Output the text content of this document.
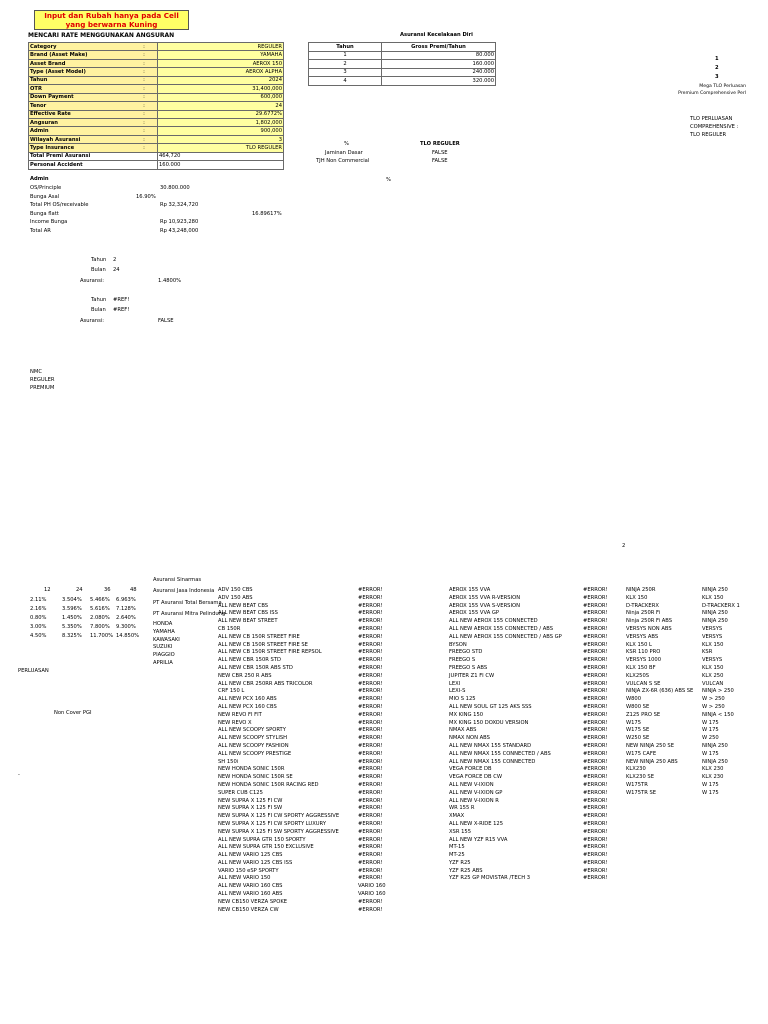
Input dan Rubah hanya pada Cell yang berwarna Kuning
MENCARI RATE MENGGUNAKAN ANGSURAN	Asuransi Kecelakaan Diri
Category	:	REGULER
Brand (Asset Make)	:	YAMAHA
Asset Brand	:	AEROX 150
Type (Asset Model)	:	AEROX ALPHA
Tahun	:	2024
OTR	:	31,400,000
Down Payment	:	600,000
Tenor	:	24
Effective Rate	:	29.6772%
Angsuran	:	1,802,000
Admin	:	900,000
Wilayah Asuransi	:	3
Type Insurance	:	TLO REGULER
Total Premi Asuransi		464,720
Personal Accident		160.000
Tahun	Gross Premi/Tahun
1	80.000
2	160.000
3	240.000
4	320.000
1
2
3
Mega TLO Perluasan
Premium Comprehensive Perl
TLO PERLUASAN
COMPREHENSIVE :
TLO REGULER
%	TLO REGULER
Jaminan Dasar	FALSE
TJH Non Commercial	FALSE
%
Admin
OS/Principle	30.800.000
Bunga Asal	16.90%
Total PH OS/receivable	Rp 32,324,720
Bunga flatt	16.89617%
Income Bunga	Rp 10,923,280
Total AR	Rp 43,248,000
Tahun 2
Bulan 24
Asuransi:	1.4800%
Tahun #REF!
Bulan #REF!
Asuransi:	FALSE
NMC
REGULER
PREMIUM
2
12	24	36	48
2.11%	3.504% 5.466% 6.963%
2.16%	3.596% 5.616% 7.128%
0.80%	1.450% 2.080% 2.640%
3.00%	5.350% 7.800% 9.300%
4.50%	8.325% 11.700% 14.850%
PERLUASAN
Non Cover PGI
-
Asuransi Sinarmas
Asuransi Jasa Indonesia
PT Asuransi Total Bersama
PT Asuransi Mitra Pelindung
HONDA
YAMAHA
KAWASAKI
SUZUKI
PIAGGIO
APRILIA
ADV 150 CBS	#ERROR!
ADV 150 ABS	#ERROR!
ALL NEW BEAT CBS	#ERROR!
ALL NEW BEAT CBS ISS	#ERROR!
ALL NEW BEAT STREET	#ERROR!
CB 150R	#ERROR!
ALL NEW CB 150R STREET FIRE	#ERROR!
ALL NEW CB 150R STREET FIRE SE	#ERROR!
ALL NEW CB 150R STREET FIRE REPSOL	#ERROR!
ALL NEW CBR 150R STD	#ERROR!
ALL NEW CBR 150R ABS STD	#ERROR!
NEW CBR 250 R ABS	#ERROR!
ALL NEW CBR 250RR ABS TRICOLOR	#ERROR!
CRF 150 L	#ERROR!
ALL NEW PCX 160 ABS	#ERROR!
ALL NEW PCX 160 CBS	#ERROR!
NEW REVO FI FIT	#ERROR!
NEW REVO X	#ERROR!
ALL NEW SCOOPY SPORTY	#ERROR!
ALL NEW SCOOPY STYLISH	#ERROR!
ALL NEW SCOOPY FASHION	#ERROR!
ALL NEW SCOOPY PRESTIGE	#ERROR!
SH 150i	#ERROR!
NEW HONDA SONIC 150R	#ERROR!
NEW HONDA SONIC 150R SE	#ERROR!
NEW HONDA SONIC 150R RACING RED	#ERROR!
SUPER CUB C125	#ERROR!
NEW SUPRA X 125 FI CW	#ERROR!
NEW SUPRA X 125 FI SW	#ERROR!
NEW SUPRA X 125 FI CW SPORTY AGGRESSIVE	#ERROR!
NEW SUPRA X 125 FI CW SPORTY LUXURY	#ERROR!
NEW SUPRA X 125 FI SW SPORTY AGGRESSIVE	#ERROR!
ALL NEW SUPRA GTR 150 SPORTY	#ERROR!
ALL NEW SUPRA GTR 150 EXCLUSIVE	#ERROR!
ALL NEW VARIO 125 CBS	#ERROR!
ALL NEW VARIO 125 CBS ISS	#ERROR!
VARIO 150 eSP SPORTY	#ERROR!
ALL NEW VARIO 150	#ERROR!
ALL NEW VARIO 160 CBS	VARIO 160
ALL NEW VARIO 160 ABS	VARIO 160
NEW CB150 VERZA SPOKE	#ERROR!
NEW CB150 VERZA CW	#ERROR!
AEROX 155 VVA	#ERROR!
AEROX 155 VVA R-VERSION	#ERROR!
AEROX 155 VVA S-VERSION	#ERROR!
AEROX 155 VVA GP	#ERROR!
ALL NEW AEROX 155 CONNECTED	#ERROR!
ALL NEW AEROX 155 CONNECTED / ABS	#ERROR!
ALL NEW AEROX 155 CONNECTED / ABS GP	#ERROR!
BYSON	#ERROR!
FREEGO STD	#ERROR!
FREEGO S	#ERROR!
FREEGO S ABS	#ERROR!
JUPITER Z1 FI CW	#ERROR!
LEXI	#ERROR!
LEXI-S	#ERROR!
MIO S 125	#ERROR!
ALL NEW SOUL GT 125 AKS SSS	#ERROR!
MX KING 150	#ERROR!
MX KING 150 DOXOU VERSION	#ERROR!
NMAX ABS	#ERROR!
NMAX NON ABS	#ERROR!
ALL NEW NMAX 155 STANDARD	#ERROR!
ALL NEW NMAX 155 CONNECTED / ABS	#ERROR!
ALL NEW NMAX 155 CONNECTED	#ERROR!
VEGA FORCE DB	#ERROR!
VEGA FORCE DB CW	#ERROR!
ALL NEW V-IXION	#ERROR!
ALL NEW V-IXION GP	#ERROR!
ALL NEW V-IXION R	#ERROR!
WR 155 R	#ERROR!
XMAX	#ERROR!
ALL NEW X-RIDE 125	#ERROR!
XSR 155	#ERROR!
ALL NEW YZF R15 VVA	#ERROR!
MT-15	#ERROR!
MT-25	#ERROR!
YZF R25	#ERROR!
YZF R25 ABS	#ERROR!
YZF R25 GP MOVISTAR /TECH 3	#ERROR!
NINJA 250R	NINJA 250
KLX 150	KLX 150
D-TRACKERX	D-TRACKERX 1
Ninja 250R Fi	NINJA 250
Ninja 250R Fi ABS	NINJA 250
VERSYS NON ABS	VERSYS
VERSYS ABS	VERSYS
KLX 150 L	KLX 150
KSR 110 PRO	KSR
VERSYS 1000	VERSYS
KLX 150 BF	KLX 150
KLX250S	KLX 250
VULCAN S SE	VULCAN
NINJA ZX-6R (636) ABS SE	NINJA > 250
W800	W > 250
W800 SE	W > 250
Z125 PRO SE	NINJA < 150
W175	W 175
W175 SE	W 175
W250 SE	W 250
NEW NINJA 250 SE	NINJA 250
W175 CAFE	W 175
NEW NINJA 250 ABS	NINJA 250
KLX230	KLX 230
KLX230 SE	KLX 230
W175TR	W 175
W175TR SE	W 175
